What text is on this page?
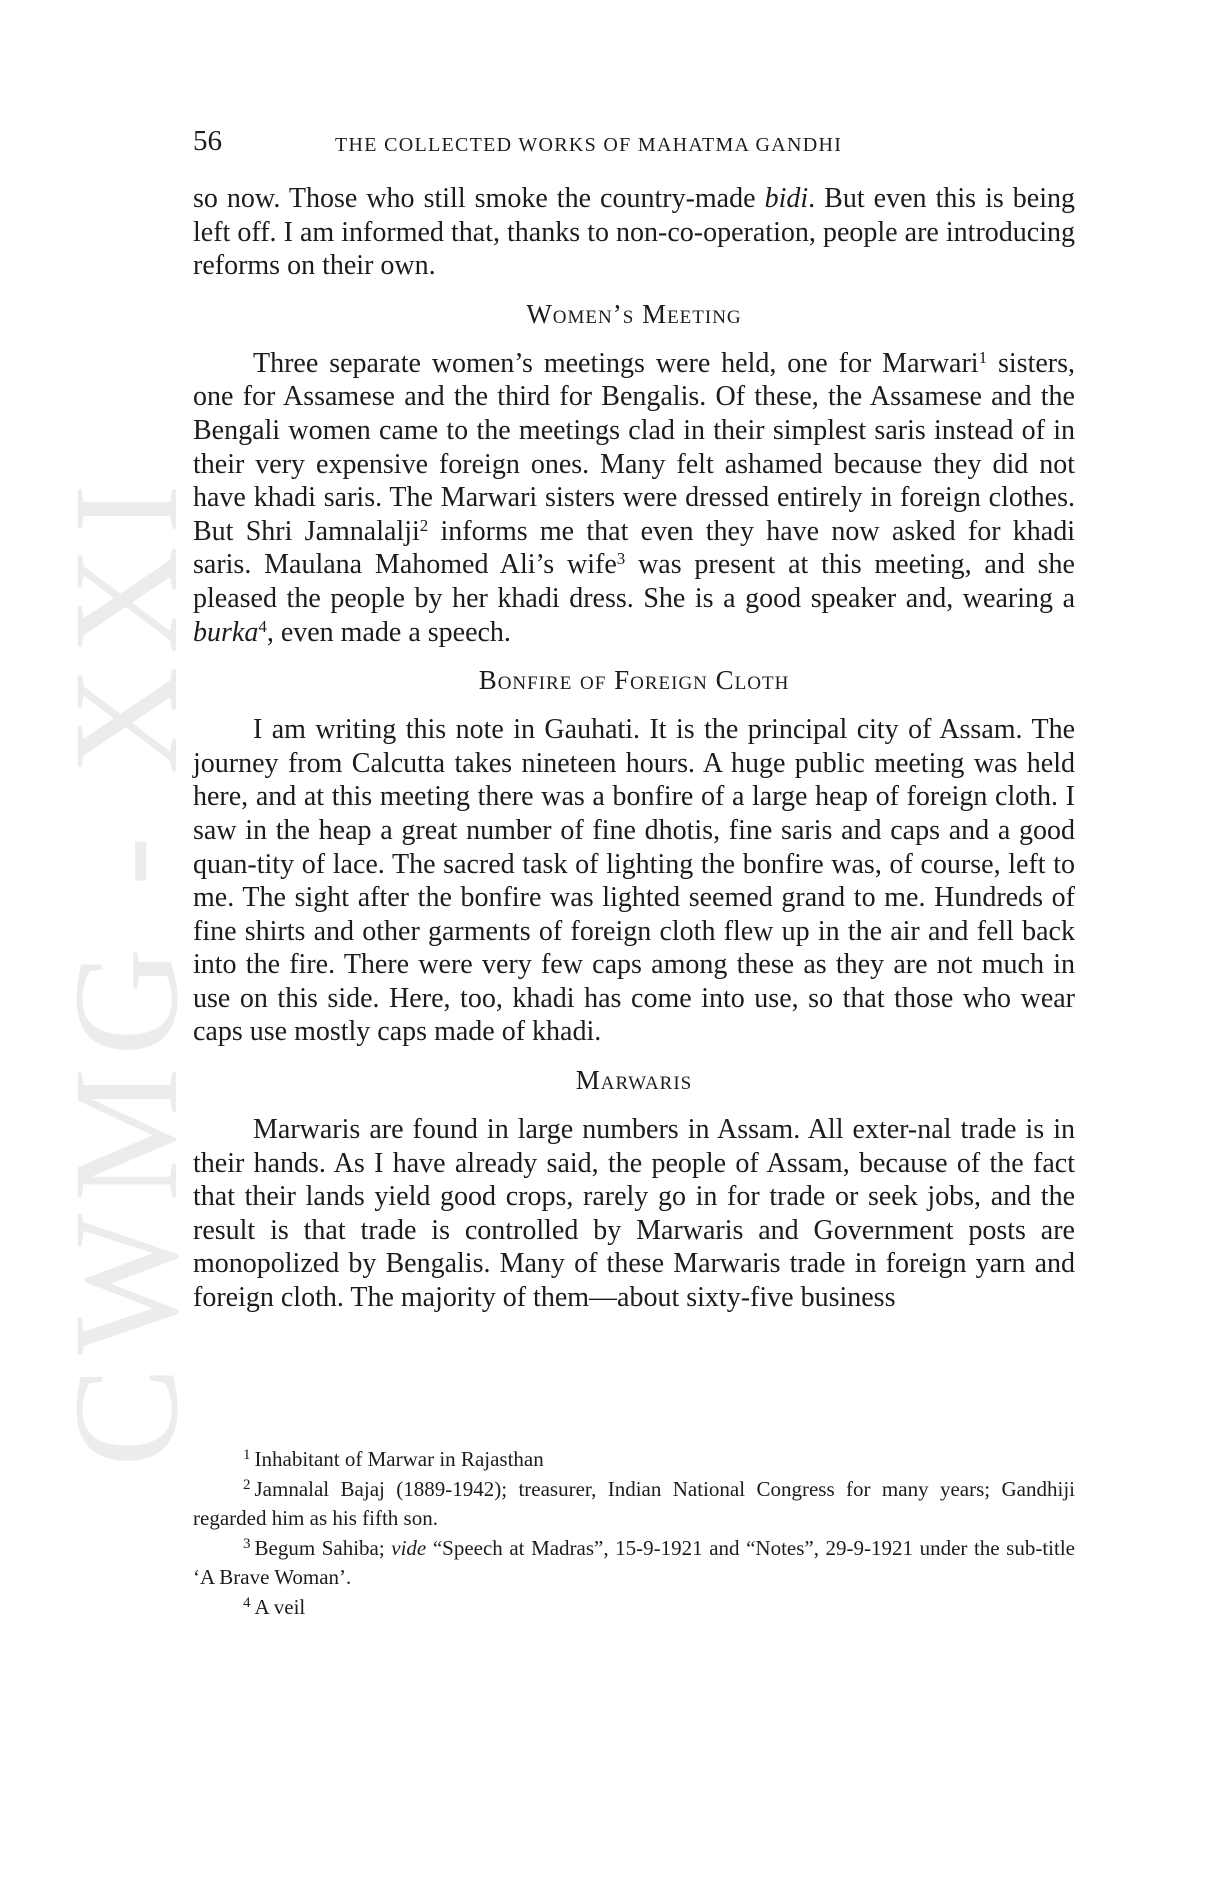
CWMG - XXI
56	THE COLLECTED WORKS OF MAHATMA GANDHI

so now. Those who still smoke the country-made bidi. But even this is being left off. I am informed that, thanks to non-co-operation, people are introducing reforms on their own.

Women’s Meeting

Three separate women’s meetings were held, one for Marwari$^1$ sisters, one for Assamese and the third for Bengalis. Of these, the Assamese and the Bengali women came to the meetings clad in their simplest saris instead of in their very expensive foreign ones. Many felt ashamed because they did not have khadi saris. The Marwari sisters were dressed entirely in foreign clothes. But Shri Jamnalalji$^2$ informs me that even they have now asked for khadi saris. Maulana Mahomed Ali’s wife$^3$ was present at this meeting, and she pleased the people by her khadi dress. She is a good speaker and, wearing a burka$^4$, even made a speech.

Bonfire of Foreign Cloth

I am writing this note in Gauhati. It is the principal city of Assam. The journey from Calcutta takes nineteen hours. A huge public meeting was held here, and at this meeting there was a bonfire of a large heap of foreign cloth. I saw in the heap a great number of fine dhotis, fine saris and caps and a good quan-tity of lace. The sacred task of lighting the bonfire was, of course, left to me. The sight after the bonfire was lighted seemed grand to me. Hundreds of fine shirts and other garments of foreign cloth flew up in the air and fell back into the fire. There were very few caps among these as they are not much in use on this side. Here, too, khadi has come into use, so that those who wear caps use mostly caps made of khadi.

Marwaris

Marwaris are found in large numbers in Assam. All exter-nal trade is in their hands. As I have already said, the people of Assam, because of the fact that their lands yield good crops, rarely go in for trade or seek jobs, and the result is that trade is controlled by Marwaris and Government posts are monopolized by Bengalis. Many of these Marwaris trade in foreign yarn and foreign cloth. The majority of them—about sixty-five business

$^1$ Inhabitant of Marwar in Rajasthan

$^2$ Jamnalal Bajaj (1889-1942); treasurer, Indian National Congress for many years; Gandhiji regarded him as his fifth son.

$^3$ Begum Sahiba; vide “Speech at Madras”, 15-9-1921 and “Notes”, 29-9-1921 under the sub-title ‘A Brave Woman’.

$^4$ A veil
